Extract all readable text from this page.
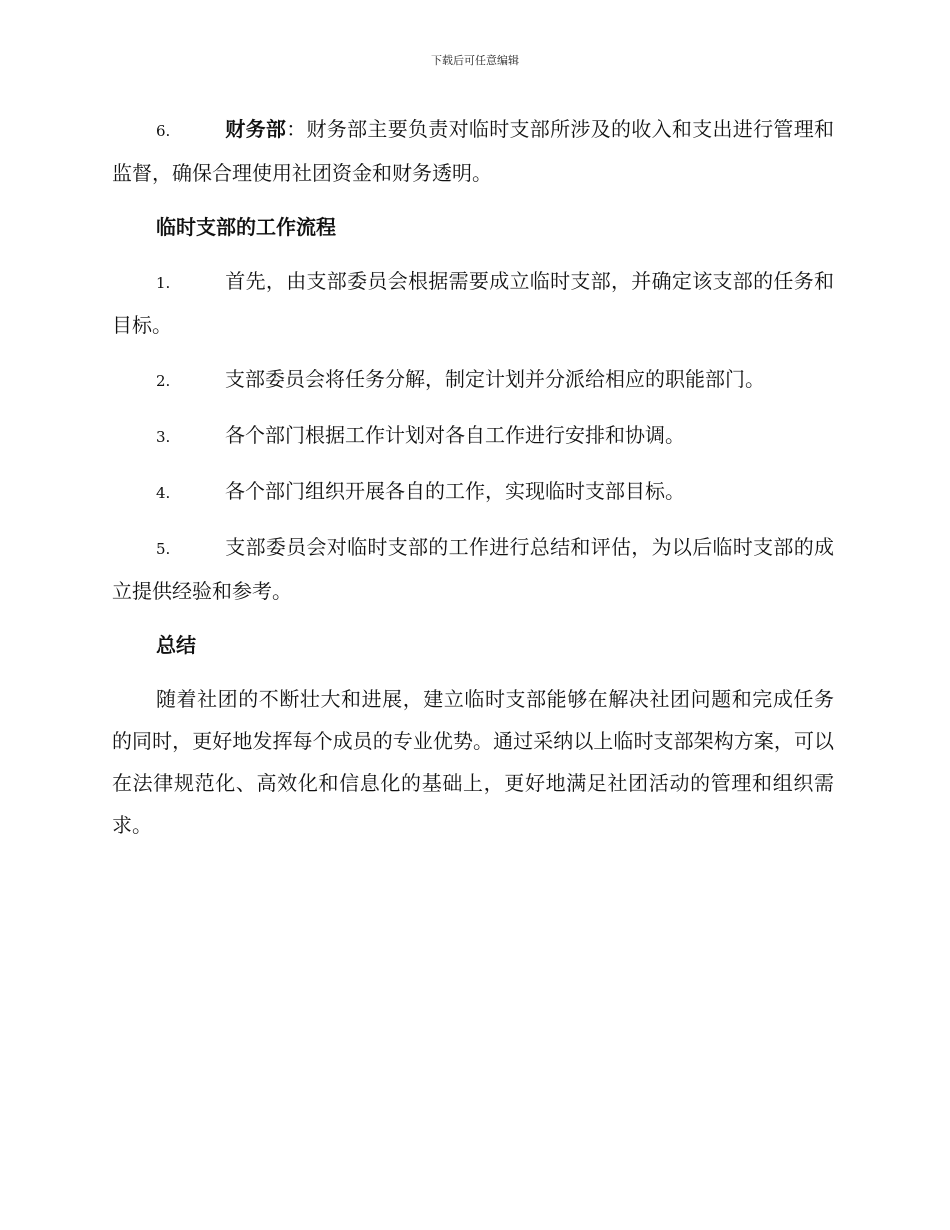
下载后可任意编辑

6.	财务部：财务部主要负责对临时支部所涉及的收入和支出进行管理和监督，确保合理使用社团资金和财务透明。

临时支部的工作流程

1.	首先，由支部委员会根据需要成立临时支部，并确定该支部的任务和目标。

2.	支部委员会将任务分解，制定计划并分派给相应的职能部门。

3.	各个部门根据工作计划对各自工作进行安排和协调。

4.	各个部门组织开展各自的工作，实现临时支部目标。

5.	支部委员会对临时支部的工作进行总结和评估，为以后临时支部的成立提供经验和参考。

总结

随着社团的不断壮大和进展，建立临时支部能够在解决社团问题和完成任务的同时，更好地发挥每个成员的专业优势。通过采纳以上临时支部架构方案，可以在法律规范化、高效化和信息化的基础上，更好地满足社团活动的管理和组织需求。
